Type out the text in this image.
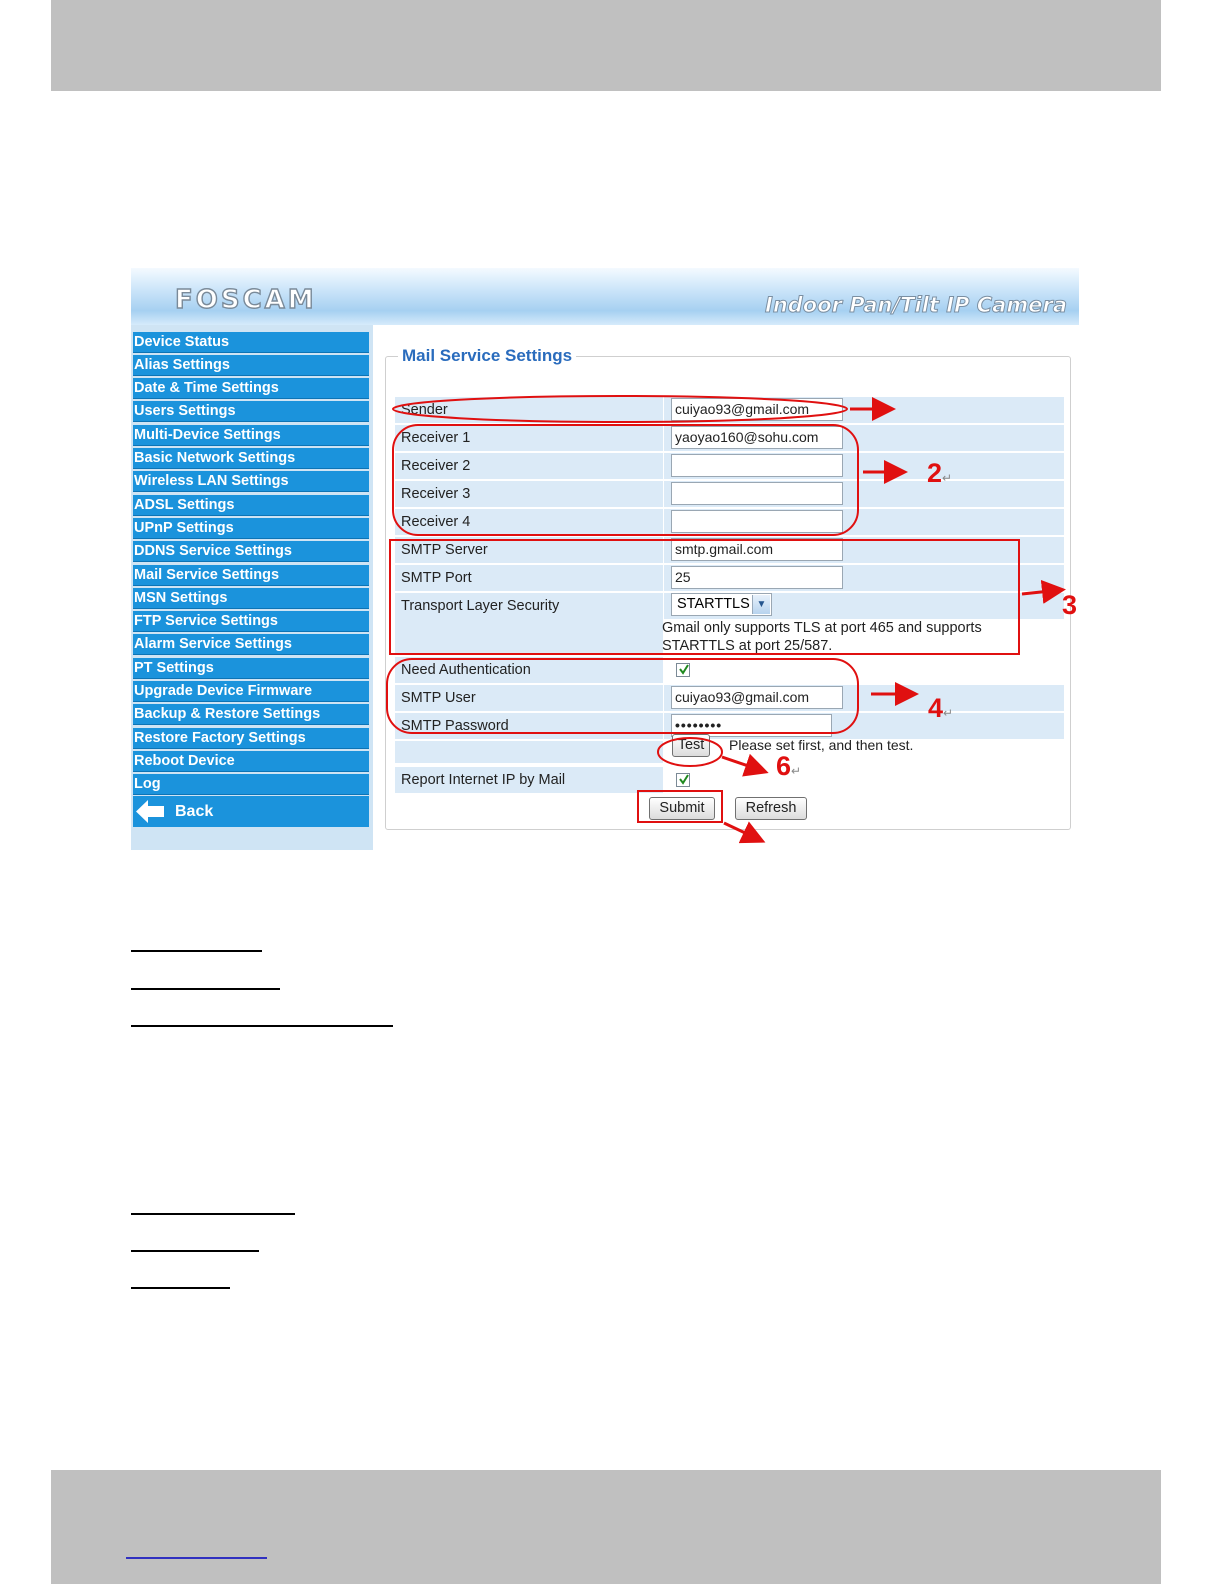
FOSCAM	Indoor Pan/Tilt IP Camera
Device Status
Alias Settings
Date & Time Settings
Users Settings
Multi-Device Settings
Basic Network Settings
Wireless LAN Settings
ADSL Settings
UPnP Settings
DDNS Service Settings
Mail Service Settings
MSN Settings
FTP Service Settings
Alarm Service Settings
PT Settings
Upgrade Device Firmware
Backup & Restore Settings
Restore Factory Settings
Reboot Device
Log
Back
Mail Service Settings
Sender	cuiyao93@gmail.com
Receiver 1	yaoyao160@sohu.com
Receiver 2
Receiver 3
Receiver 4
SMTP Server	smtp.gmail.com
SMTP Port	25
Transport Layer Security	STARTTLS ▼
Gmail only supports TLS at port 465 and supports STARTTLS at port 25/587.
Need Authentication
SMTP User	cuiyao93@gmail.com
SMTP Password	••••••••
Test	Please set first, and then test.
Report Internet IP by Mail
Submit	Refresh
2↵
3
4↵
6↵
